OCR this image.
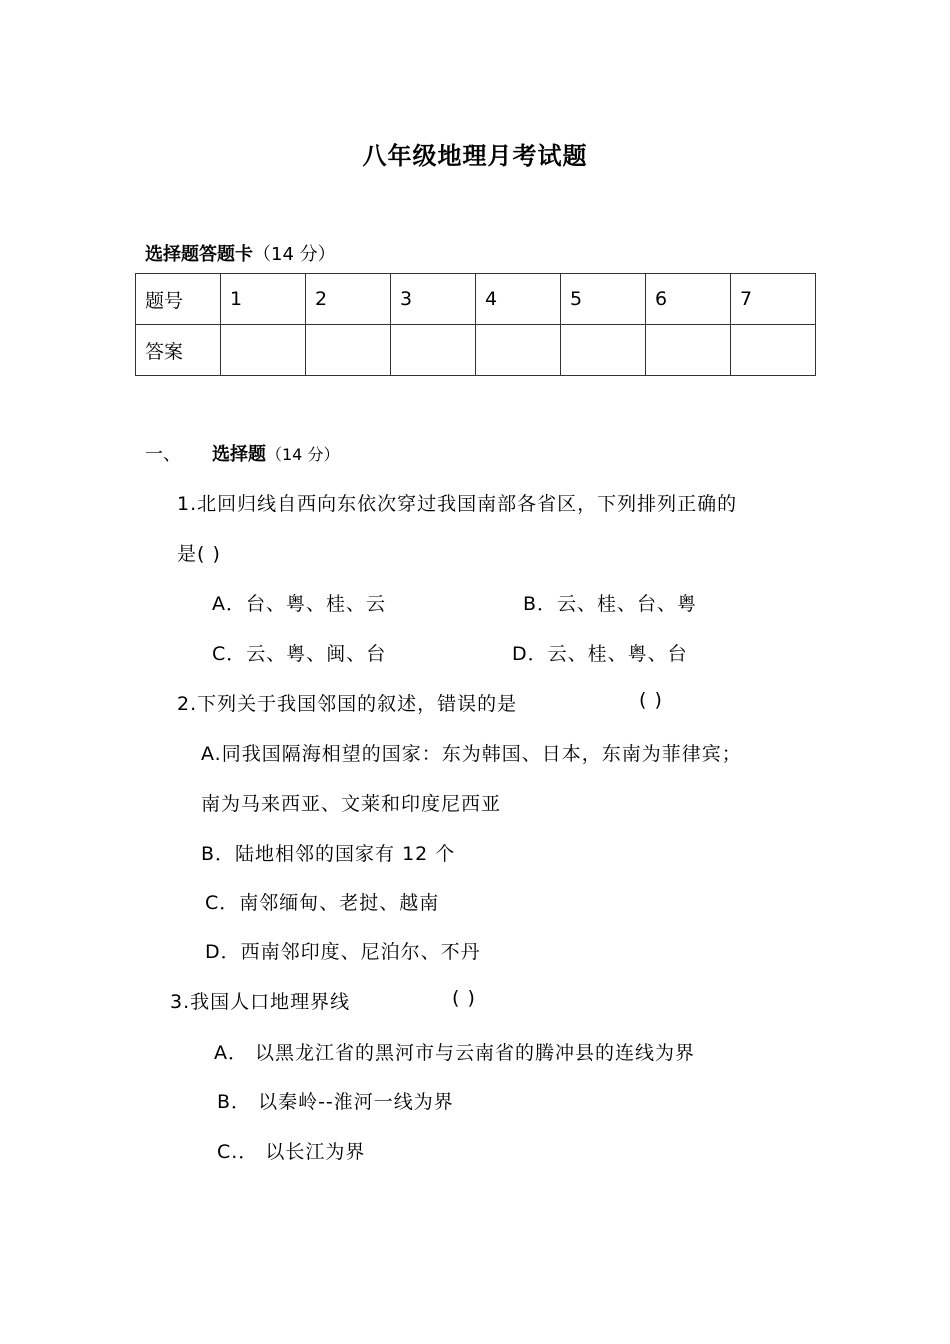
八年级地理月考试题
选择题答题卡（14 分）
题号	1	2	3	4	5	6	7
答案							
一、 选择题（14 分）
1.北回归线自西向东依次穿过我国南部各省区，下列排列正确的
是( )
A．台、粤、桂、云	B．云、桂、台、粤
C．云、粤、闽、台	D．云、桂、粤、台
2.下列关于我国邻国的叙述，错误的是	( )
A.同我国隔海相望的国家：东为韩国、日本，东南为菲律宾；
南为马来西亚、文莱和印度尼西亚
B．陆地相邻的国家有 12 个
C．南邻缅甸、老挝、越南
D．西南邻印度、尼泊尔、不丹
3.我国人口地理界线	( )
A． 以黑龙江省的黑河市与云南省的腾冲县的连线为界
B． 以秦岭--淮河一线为界
C.． 以长江为界
